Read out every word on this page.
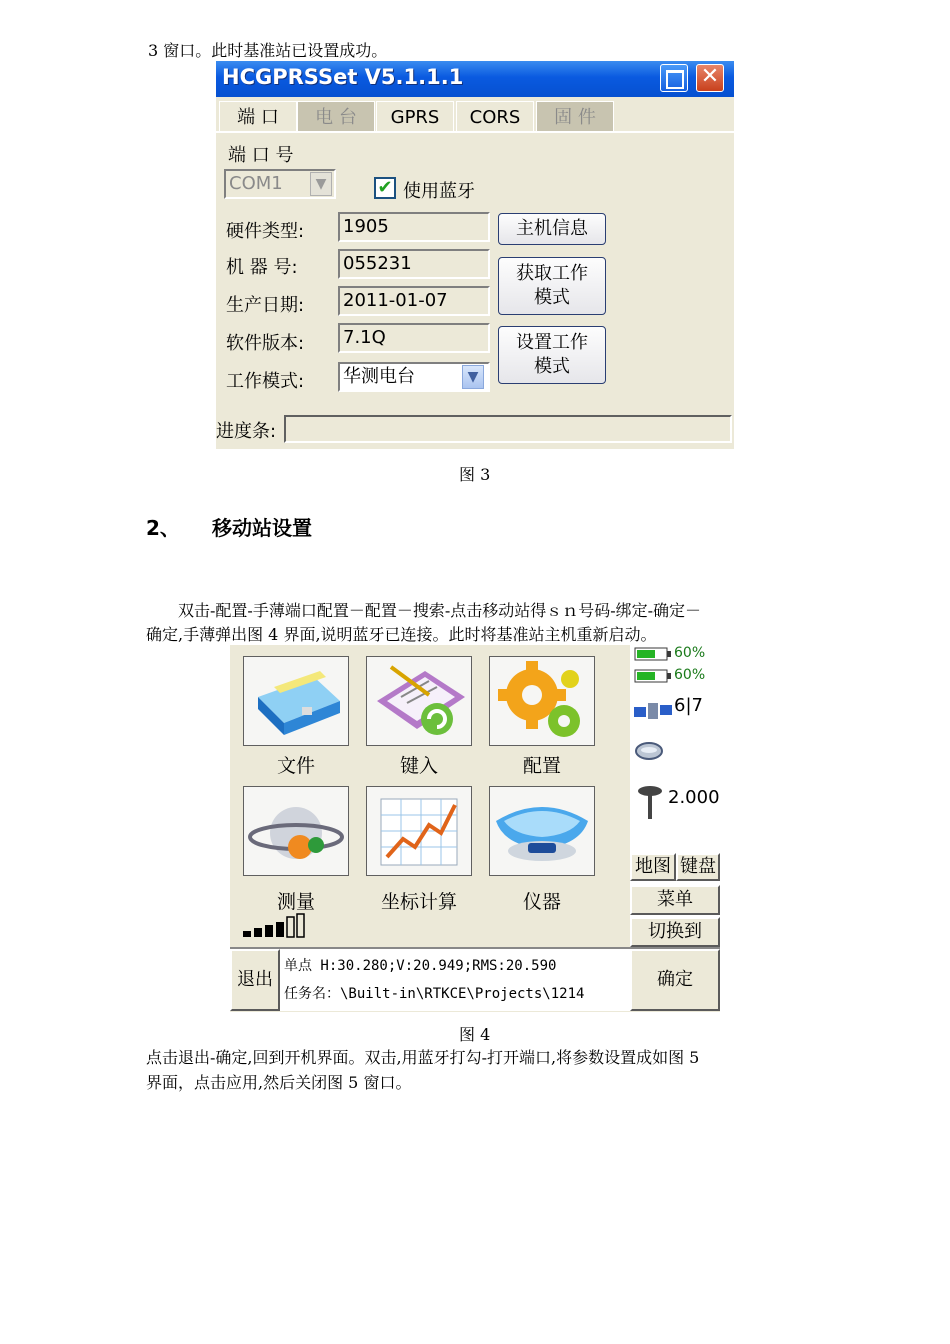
3 窗口。此时基准站已设置成功。
HCGPRSSet V5.1.1.1	✕
端 口	电 台	GPRS	CORS	固 件
端 口 号
COM1	▼	✔ 使用蓝牙
硬件类型: 1905
机 器 号:	055231
生产日期: 2011-01-07
软件版本: 7.1Q
工作模式: 华测电台	▼
主机信息
获取工作
模式
设置工作
模式
进度条:
图 3
2、 移动站设置
双击-配置-手薄端口配置－配置－搜索-点击移动站得ｓｎ号码-绑定-确定－
确定,手薄弹出图 4 界面,说明蓝牙已连接。此时将基准站主机重新启动。
文件	键入	配置
测量	坐标计算	仪器
60%
60%
6|7
2.000
地图 键盘
菜单
切换到
退出
单点 H:30.280;V:20.949;RMS:20.590
任务名：\Built-in\RTKCE\Projects\1214
确定
图 4
点击退出-确定,回到开机界面。双击,用蓝牙打勾-打开端口,将参数设置成如图 5
界面，点击应用,然后关闭图 5 窗口。
